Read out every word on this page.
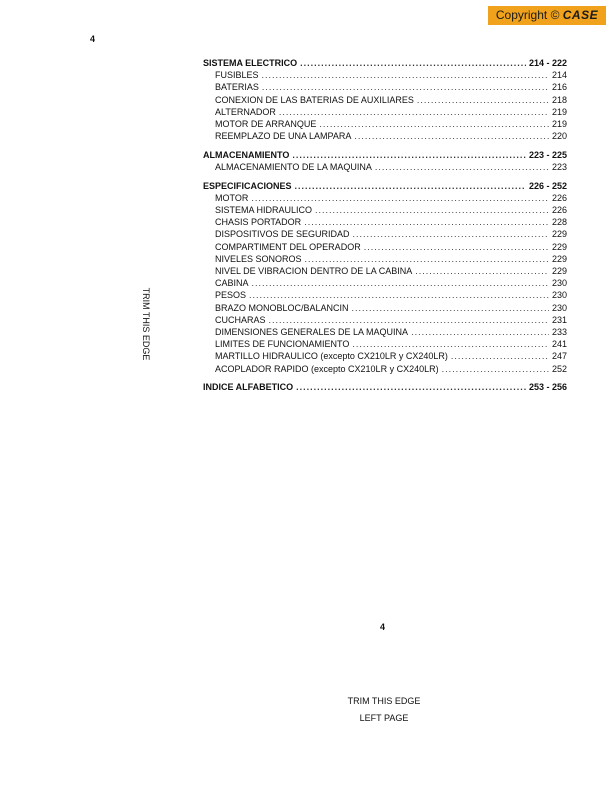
Copyright © CASE
4
TRIM THIS EDGE
SISTEMA ELECTRICO .....	214 - 222
FUSIBLES .....	214
BATERIAS .....	216
CONEXION DE LAS BATERIAS DE AUXILIARES .....	218
ALTERNADOR .....	219
MOTOR DE ARRANQUE .....	219
REEMPLAZO DE UNA LAMPARA .....	220
ALMACENAMIENTO .....	223 - 225
ALMACENAMIENTO DE LA MAQUINA .....	223
ESPECIFICACIONES .....	226 - 252
MOTOR .....	226
SISTEMA HIDRAULICO .....	226
CHASIS PORTADOR .....	228
DISPOSITIVOS DE SEGURIDAD .....	229
COMPARTIMENT DEL OPERADOR .....	229
NIVELES SONOROS .....	229
NIVEL DE VIBRACION DENTRO DE LA CABINA .....	229
CABINA .....	230
PESOS .....	230
BRAZO MONOBLOC/BALANCIN .....	230
CUCHARAS .....	231
DIMENSIONES GENERALES DE LA MAQUINA .....	233
LIMITES DE FUNCIONAMIENTO .....	241
MARTILLO HIDRAULICO (excepto CX210LR y CX240LR) .....	247
ACOPLADOR RAPIDO (excepto CX210LR y CX240LR) .....	252
INDICE ALFABETICO .....	253 - 256
4
TRIM THIS EDGE
LEFT PAGE
